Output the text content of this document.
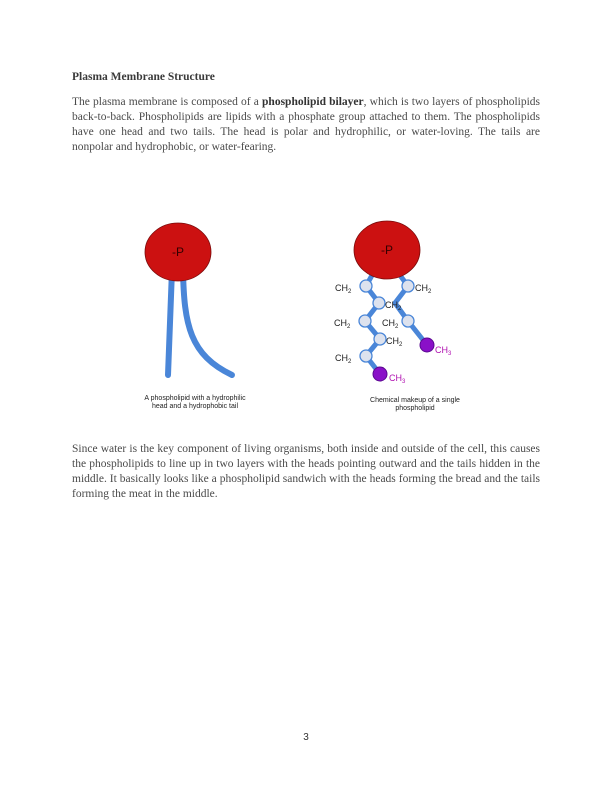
Plasma Membrane Structure
The plasma membrane is composed of a phospholipid bilayer, which is two layers of phospholipids back-to-back. Phospholipids are lipids with a phosphate group attached to them. The phospholipids have one head and two tails. The head is polar and hydrophilic, or water-loving. The tails are nonpolar and hydrophobic, or water-fearing.
-P	-P
$CH_2$
$CH_2$
$CH_2$
$CH_2$
$CH_2$
$CH_2$
$CH_2$
$CH_3$
$CH_3$
A phospholipid with a hydrophilic head and a hydrophobic tail
Chemical makeup of a single phospholipid
Since water is the key component of living organisms, both inside and outside of the cell, this causes the phospholipids to line up in two layers with the heads pointing outward and the tails hidden in the middle. It basically looks like a phospholipid sandwich with the heads forming the bread and the tails forming the meat in the middle.
3
